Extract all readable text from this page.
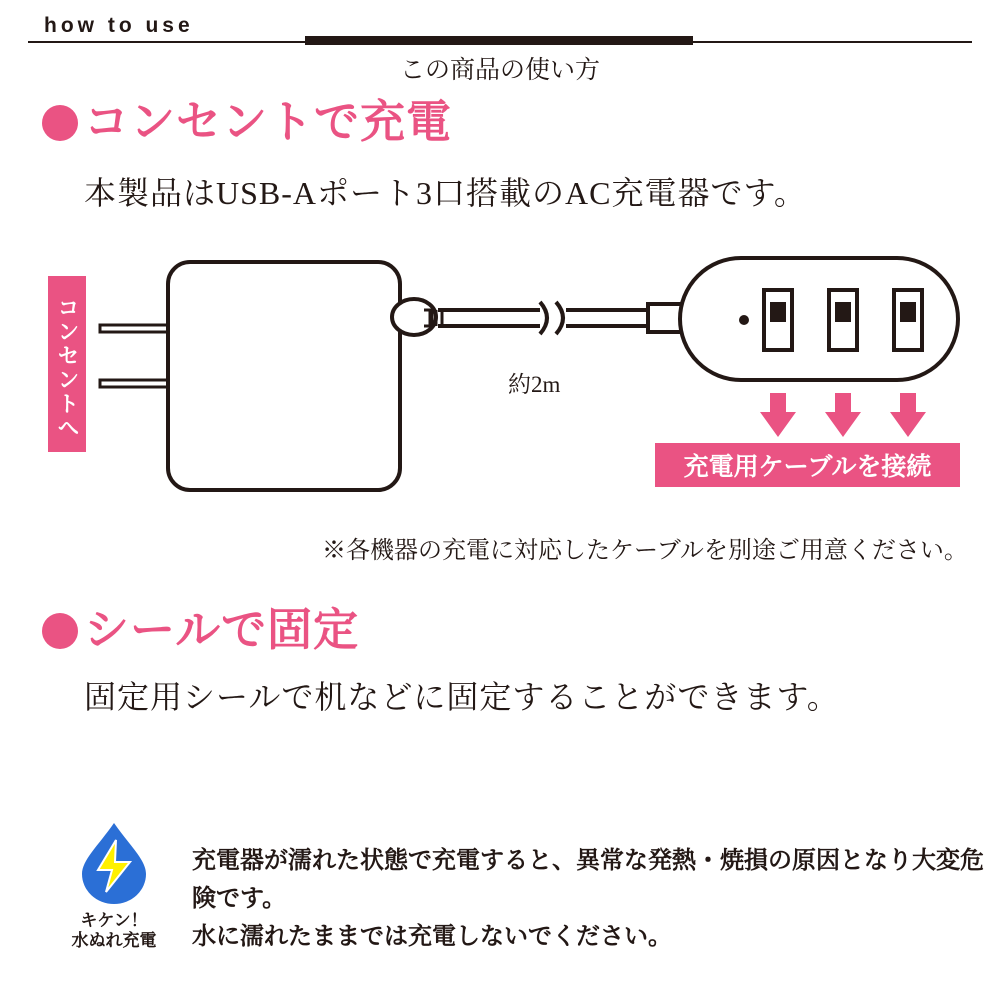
how to use
この商品の使い方
コンセントで充電
本製品はUSB-Aポート3口搭載のAC充電器です。
コンセントへ	約2m
充電用ケーブルを接続
※各機器の充電に対応したケーブルを別途ご用意ください。
シールで固定
固定用シールで机などに固定することができます。
キケン！
水ぬれ充電
充電器が濡れた状態で充電すると、異常な発熱・焼損の原因となり大変危険です。
水に濡れたままでは充電しないでください。
